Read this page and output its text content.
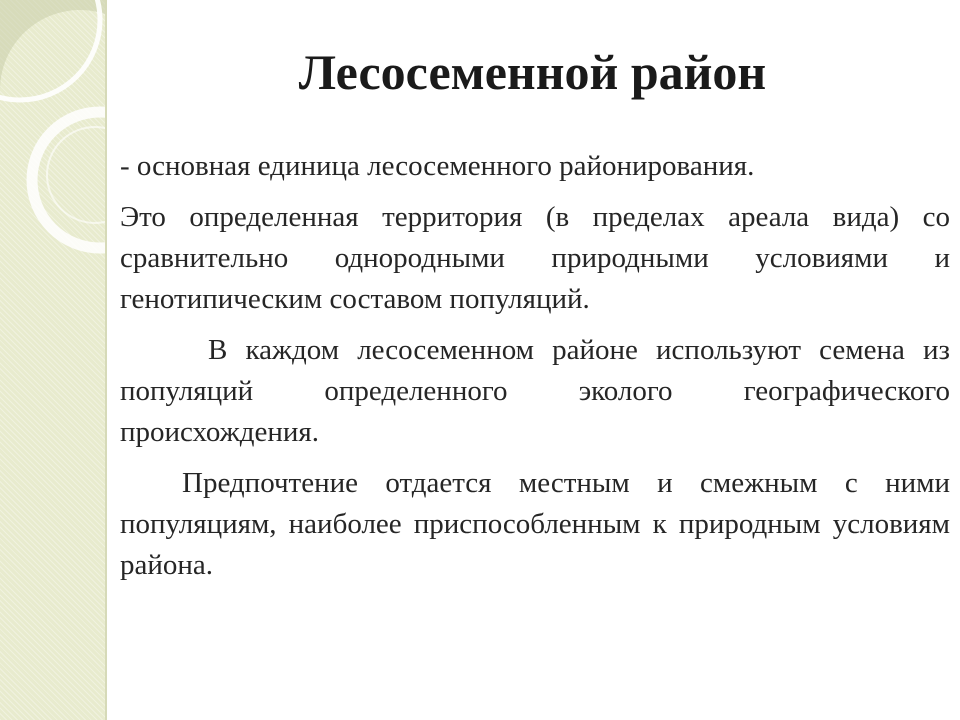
Лесосеменной район

- основная единица лесосеменного районирования.

Это определенная территория (в пределах ареала вида) со сравнительно однородными природными условиями и генотипическим составом популяций.

В каждом лесосеменном районе используют семена из популяций определенного эколого географического происхождения.

Предпочтение отдается местным и смежным с ними популяциям, наиболее приспособленным к природным условиям района.
